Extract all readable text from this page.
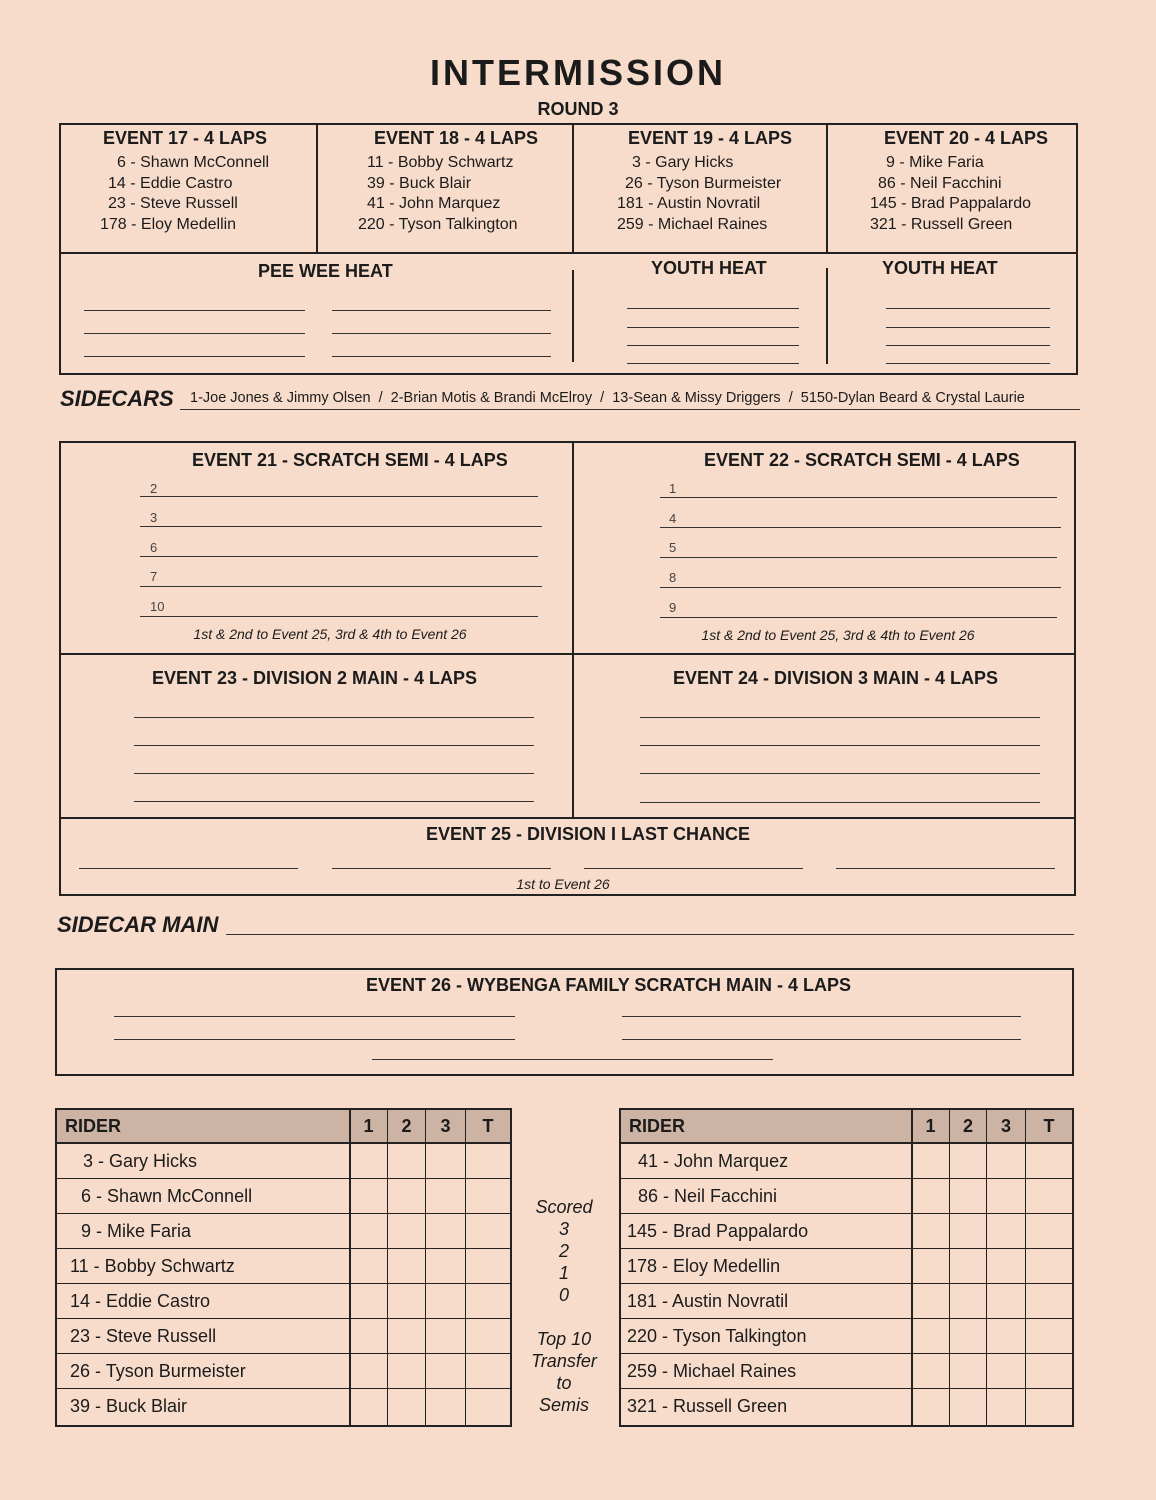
INTERMISSION
ROUND 3
EVENT 17 - 4 LAPS
6 - Shawn McConnell
14 - Eddie Castro
23 - Steve Russell
178 - Eloy Medellin
EVENT 18 - 4 LAPS
11 - Bobby Schwartz
39 - Buck Blair
41 - John Marquez
220 - Tyson Talkington
EVENT 19 - 4 LAPS
3 - Gary Hicks
26 - Tyson Burmeister
181 - Austin Novratil
259 - Michael Raines
EVENT 20 - 4 LAPS
9 - Mike Faria
86 - Neil Facchini
145 - Brad Pappalardo
321 - Russell Green
PEE WEE HEAT	YOUTH HEAT	YOUTH HEAT
SIDECARS 1-Joe Jones & Jimmy Olsen  /  2-Brian Motis & Brandi McElroy  /  13-Sean & Missy Driggers  /  5150-Dylan Beard & Crystal Laurie
EVENT 21 - SCRATCH SEMI - 4 LAPS
2
3
6
7
10
1st & 2nd to Event 25, 3rd & 4th to Event 26
EVENT 22 - SCRATCH SEMI - 4 LAPS
1
4
5
8
9
1st & 2nd to Event 25, 3rd & 4th to Event 26
EVENT 23 - DIVISION 2 MAIN - 4 LAPS	EVENT 24 - DIVISION 3 MAIN - 4 LAPS
EVENT 25 - DIVISION I LAST CHANCE
1st to Event 26
SIDECAR MAIN
EVENT 26 - WYBENGA FAMILY SCRATCH MAIN - 4 LAPS
RIDER	1	2	3	T
3 - Gary Hicks
6 - Shawn McConnell
9 - Mike Faria
11 - Bobby Schwartz
14 - Eddie Castro
23 - Steve Russell
26 - Tyson Burmeister
39 - Buck Blair
Scored
3
2
1
0
Top 10
Transfer
to
Semis
RIDER	1	2	3	T
41 - John Marquez
86 - Neil Facchini
145 - Brad Pappalardo
178 - Eloy Medellin
181 - Austin Novratil
220 - Tyson Talkington
259 - Michael Raines
321 - Russell Green
